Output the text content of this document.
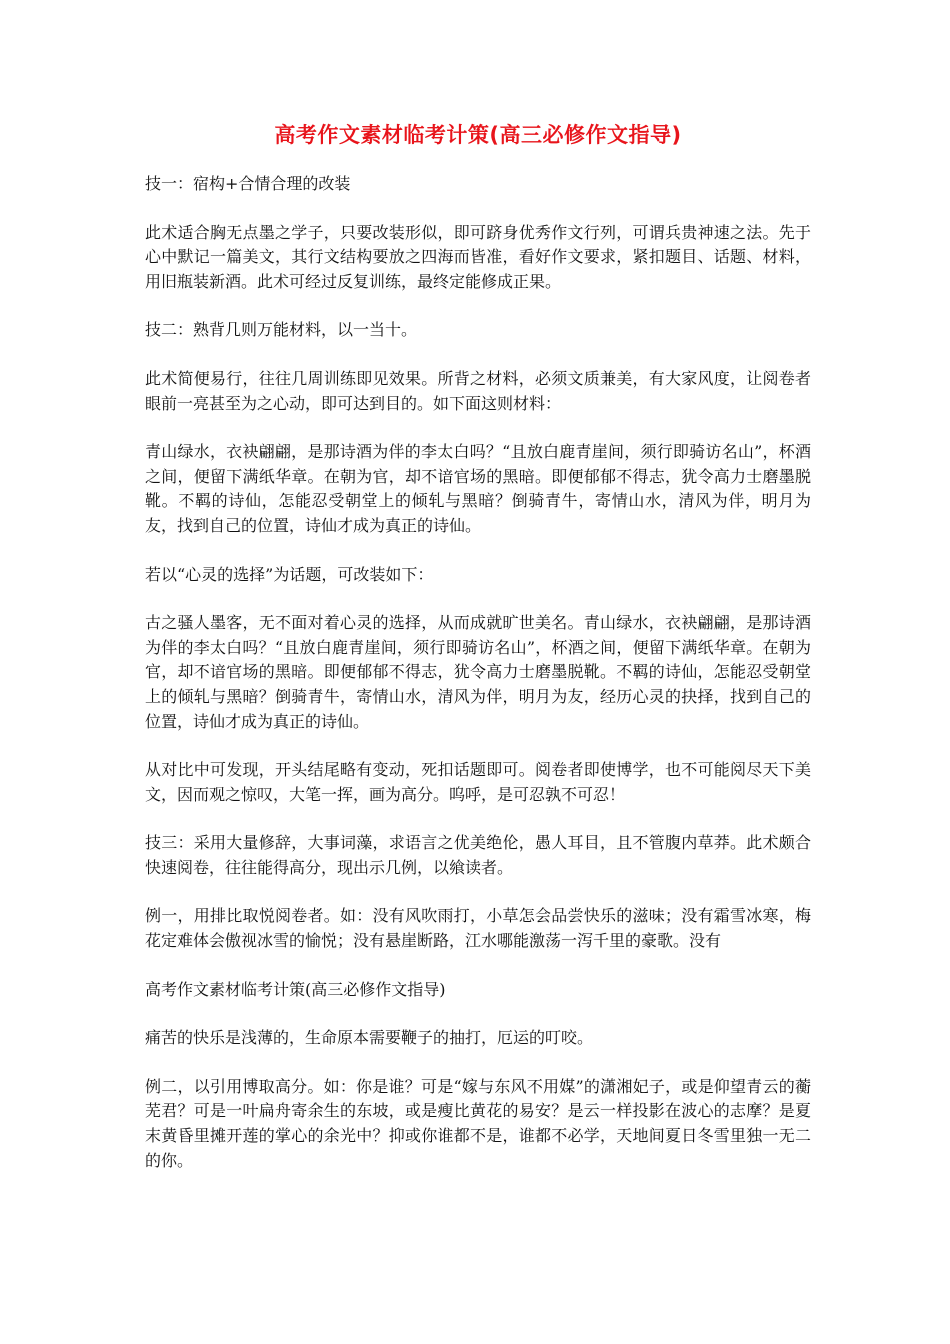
高考作文素材临考计策(高三必修作文指导)

技一：宿构+合情合理的改装

此术适合胸无点墨之学子，只要改装形似，即可跻身优秀作文行列，可谓兵贵神速之法。先于心中默记一篇美文，其行文结构要放之四海而皆准，看好作文要求，紧扣题目、话题、材料，用旧瓶装新酒。此术可经过反复训练，最终定能修成正果。

技二：熟背几则万能材料，以一当十。

此术简便易行，往往几周训练即见效果。所背之材料，必须文质兼美，有大家风度，让阅卷者眼前一亮甚至为之心动，即可达到目的。如下面这则材料：

青山绿水，衣袂翩翩，是那诗酒为伴的李太白吗？“且放白鹿青崖间，须行即骑访名山”，杯酒之间，便留下满纸华章。在朝为官，却不谙官场的黑暗。即便郁郁不得志，犹令高力士磨墨脱靴。不羁的诗仙，怎能忍受朝堂上的倾轧与黑暗？倒骑青牛，寄情山水，清风为伴，明月为友，找到自己的位置，诗仙才成为真正的诗仙。

若以“心灵的选择”为话题，可改装如下：

古之骚人墨客，无不面对着心灵的选择，从而成就旷世美名。青山绿水，衣袂翩翩，是那诗酒为伴的李太白吗？“且放白鹿青崖间，须行即骑访名山”，杯酒之间，便留下满纸华章。在朝为官，却不谙官场的黑暗。即便郁郁不得志，犹令高力士磨墨脱靴。不羁的诗仙，怎能忍受朝堂上的倾轧与黑暗？倒骑青牛，寄情山水，清风为伴，明月为友，经历心灵的抉择，找到自己的位置，诗仙才成为真正的诗仙。

从对比中可发现，开头结尾略有变动，死扣话题即可。阅卷者即使博学，也不可能阅尽天下美文，因而观之惊叹，大笔一挥，画为高分。呜呼，是可忍孰不可忍！

技三：采用大量修辞，大事词藻，求语言之优美绝伦，愚人耳目，且不管腹内草莽。此术颇合快速阅卷，往往能得高分，现出示几例，以飨读者。

例一，用排比取悦阅卷者。如：没有风吹雨打，小草怎会品尝快乐的滋味；没有霜雪冰寒，梅花定难体会傲视冰雪的愉悦；没有悬崖断路，江水哪能激荡一泻千里的豪歌。没有

高考作文素材临考计策(高三必修作文指导)

痛苦的快乐是浅薄的，生命原本需要鞭子的抽打，厄运的叮咬。

例二，以引用博取高分。如：你是谁？可是“嫁与东风不用媒”的潇湘妃子，或是仰望青云的蘅芜君？可是一叶扁舟寄余生的东坡，或是瘦比黄花的易安？是云一样投影在波心的志摩？是夏末黄昏里摊开莲的掌心的余光中？抑或你谁都不是，谁都不必学，天地间夏日冬雪里独一无二的你。
